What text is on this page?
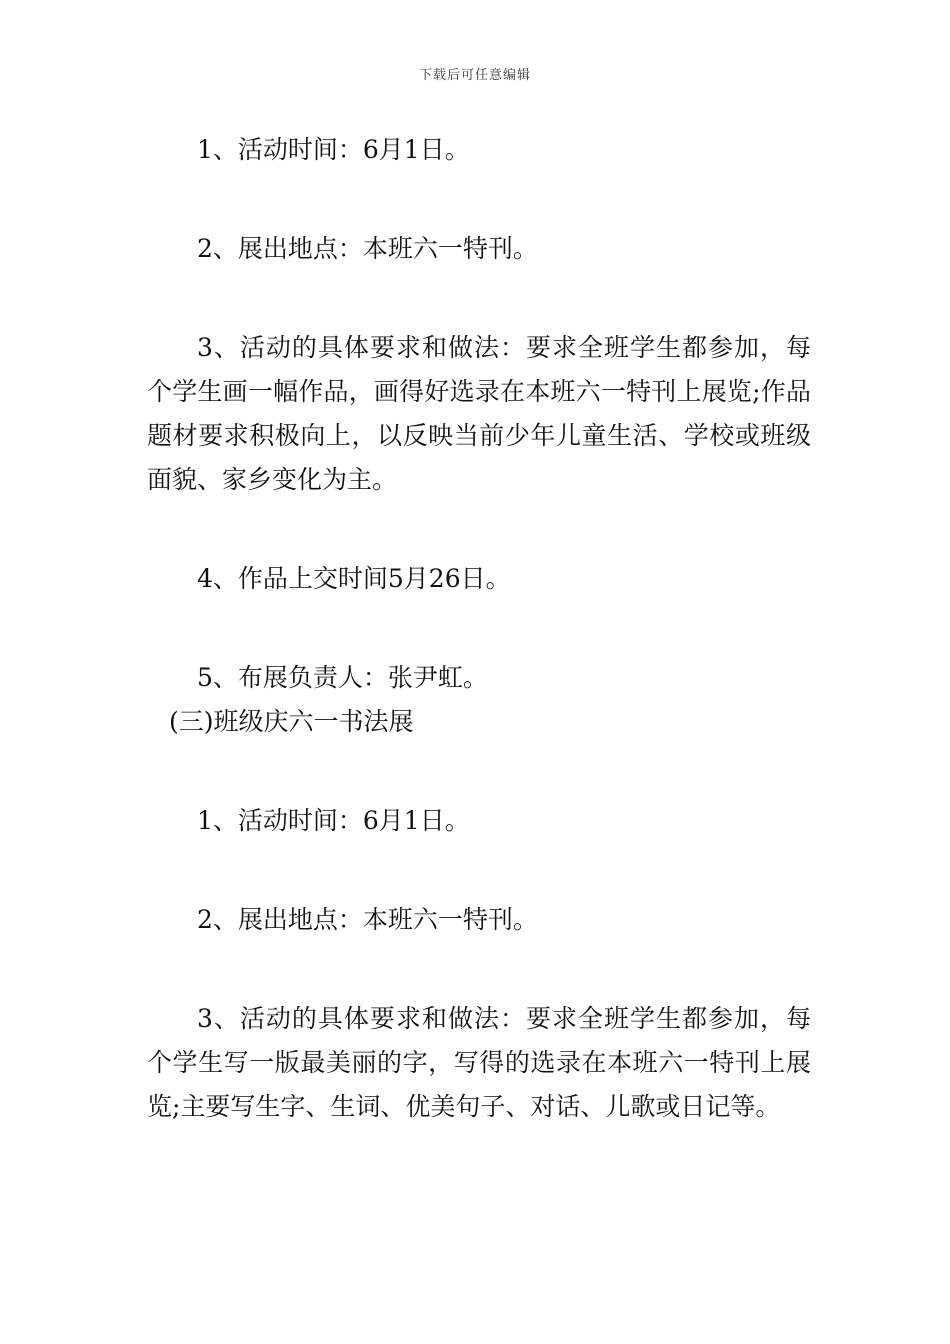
下载后可任意编辑

1、活动时间：6月1日。

2、展出地点：本班六一特刊。

3、活动的具体要求和做法：要求全班学生都参加，每个学生画一幅作品，画得好选录在本班六一特刊上展览;作品题材要求积极向上，以反映当前少年儿童生活、学校或班级面貌、家乡变化为主。

4、作品上交时间5月26日。

5、布展负责人：张尹虹。

(三)班级庆六一书法展

1、活动时间：6月1日。

2、展出地点：本班六一特刊。

3、活动的具体要求和做法：要求全班学生都参加，每个学生写一版最美丽的字，写得的选录在本班六一特刊上展览;主要写生字、生词、优美句子、对话、儿歌或日记等。
